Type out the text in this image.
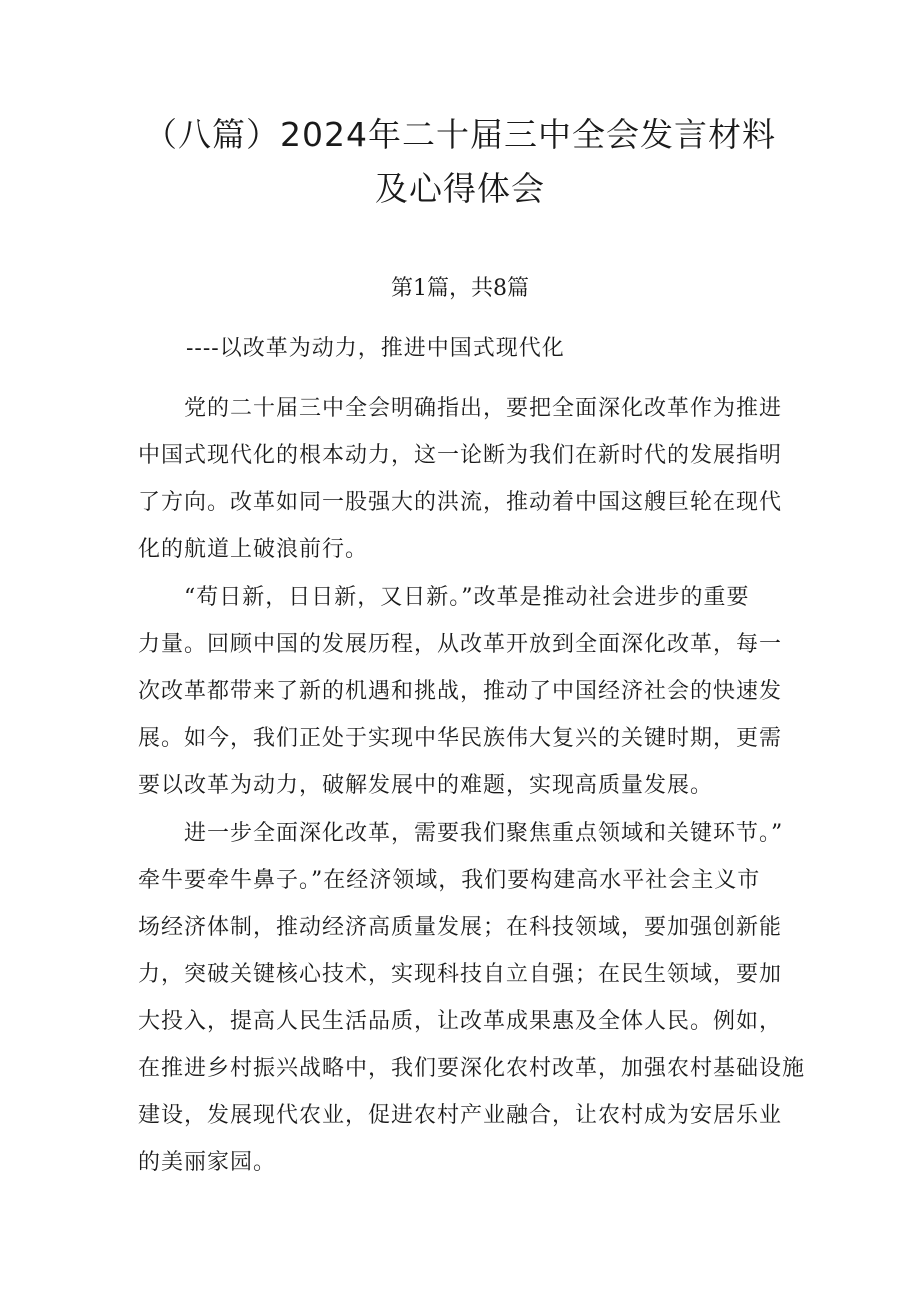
（八篇）2024年二十届三中全会发言材料
及心得体会

第1篇，共8篇

----以改革为动力，推进中国式现代化

党的二十届三中全会明确指出，要把全面深化改革作为推进
中国式现代化的根本动力，这一论断为我们在新时代的发展指明
了方向。改革如同一股强大的洪流，推动着中国这艘巨轮在现代
化的航道上破浪前行。
“苟日新，日日新，又日新。”改革是推动社会进步的重要
力量。回顾中国的发展历程，从改革开放到全面深化改革，每一
次改革都带来了新的机遇和挑战，推动了中国经济社会的快速发
展。如今，我们正处于实现中华民族伟大复兴的关键时期，更需
要以改革为动力，破解发展中的难题，实现高质量发展。
进一步全面深化改革，需要我们聚焦重点领域和关键环节。”
牵牛要牵牛鼻子。”在经济领域，我们要构建高水平社会主义市
场经济体制，推动经济高质量发展；在科技领域，要加强创新能
力，突破关键核心技术，实现科技自立自强；在民生领域，要加
大投入，提高人民生活品质，让改革成果惠及全体人民。例如，
在推进乡村振兴战略中，我们要深化农村改革，加强农村基础设施
建设，发展现代农业，促进农村产业融合，让农村成为安居乐业
的美丽家园。
